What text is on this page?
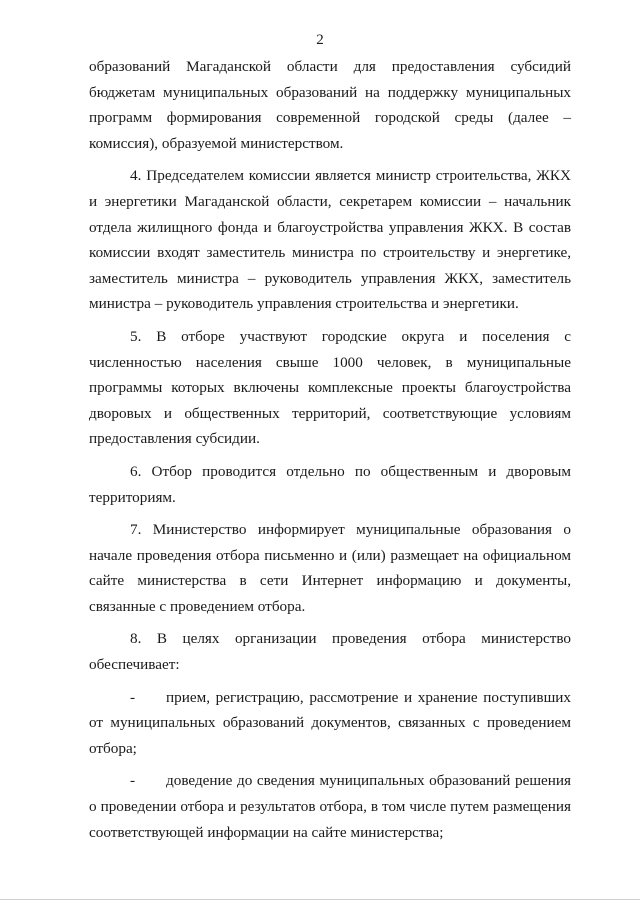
2

образований Магаданской области для предоставления субсидий бюджетам муниципальных образований на поддержку муниципальных программ формирования современной городской среды (далее – комиссия), образуемой министерством.

4. Председателем комиссии является министр строительства, ЖКХ и энергетики Магаданской области, секретарем комиссии – начальник отдела жилищного фонда и благоустройства управления ЖКХ. В состав комиссии входят заместитель министра по строительству и энергетике, заместитель министра – руководитель управления ЖКХ, заместитель министра – руководитель управления строительства и энергетики.

5. В отборе участвуют городские округа и поселения с численностью населения свыше 1000 человек, в муниципальные программы которых включены комплексные проекты благоустройства дворовых и общественных территорий, соответствующие условиям предоставления субсидии.

6. Отбор проводится отдельно по общественным и дворовым территориям.

7. Министерство информирует муниципальные образования о начале проведения отбора письменно и (или) размещает на официальном сайте министерства в сети Интернет информацию и документы, связанные с проведением отбора.

8. В целях организации проведения отбора министерство обеспечивает:

- прием, регистрацию, рассмотрение и хранение поступивших от муниципальных образований документов, связанных с проведением отбора;

- доведение до сведения муниципальных образований решения о проведении отбора и результатов отбора, в том числе путем размещения соответствующей информации на сайте министерства;
